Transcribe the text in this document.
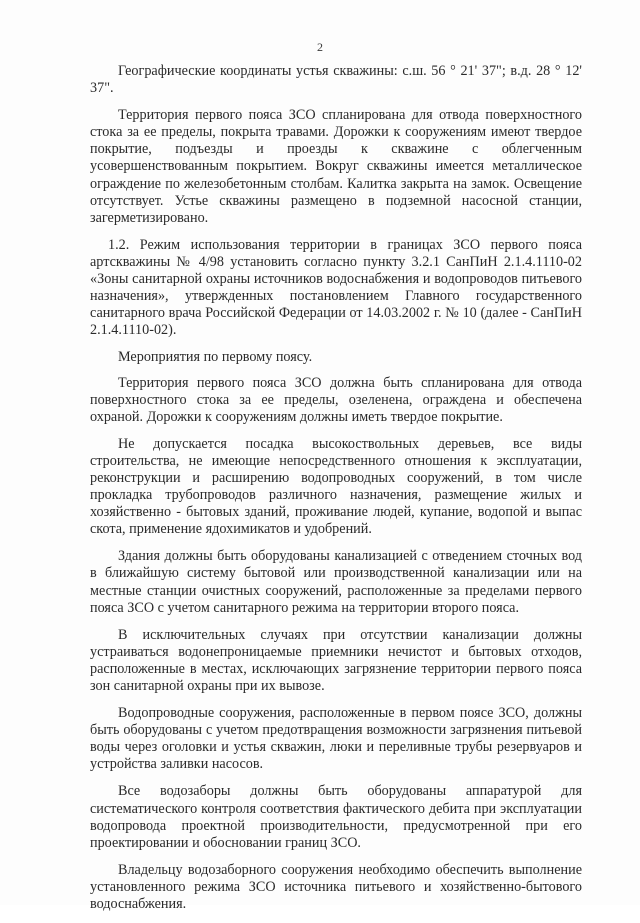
2

Географические координаты устья скважины: с.ш. 56 ° 21' 37"; в.д. 28 ° 12' 37".

Территория первого пояса ЗСО спланирована для отвода поверхностного стока за ее пределы, покрыта травами. Дорожки к сооружениям имеют твердое покрытие, подъезды и проезды к скважине с облегченным усовершенствованным покрытием. Вокруг скважины имеется металлическое ограждение по железобетонным столбам. Калитка закрыта на замок. Освещение отсутствует. Устье скважины размещено в подземной насосной станции, загерметизировано.

1.2. Режим использования территории в границах ЗСО первого пояса артскважины № 4/98 установить согласно пункту 3.2.1 СанПиН 2.1.4.1110-02 «Зоны санитарной охраны источников водоснабжения и водопроводов питьевого назначения», утвержденных постановлением Главного государственного санитарного врача Российской Федерации от 14.03.2002 г. № 10 (далее - СанПиН 2.1.4.1110-02).

Мероприятия по первому поясу.

Территория первого пояса ЗСО должна быть спланирована для отвода поверхностного стока за ее пределы, озеленена, ограждена и обеспечена охраной. Дорожки к сооружениям должны иметь твердое покрытие.

Не допускается посадка высокоствольных деревьев, все виды строительства, не имеющие непосредственного отношения к эксплуатации, реконструкции и расширению водопроводных сооружений, в том числе прокладка трубопроводов различного назначения, размещение жилых и хозяйственно - бытовых зданий, проживание людей, купание, водопой и выпас скота, применение ядохимикатов и удобрений.

Здания должны быть оборудованы канализацией с отведением сточных вод в ближайшую систему бытовой или производственной канализации или на местные станции очистных сооружений, расположенные за пределами первого пояса ЗСО с учетом санитарного режима на территории второго пояса.

В исключительных случаях при отсутствии канализации должны устраиваться водонепроницаемые приемники нечистот и бытовых отходов, расположенные в местах, исключающих загрязнение территории первого пояса зон санитарной охраны при их вывозе.

Водопроводные сооружения, расположенные в первом поясе ЗСО, должны быть оборудованы с учетом предотвращения возможности загрязнения питьевой воды через оголовки и устья скважин, люки и переливные трубы резервуаров и устройства заливки насосов.

Все водозаборы должны быть оборудованы аппаратурой для систематического контроля соответствия фактического дебита при эксплуатации водопровода проектной производительности, предусмотренной при его проектировании и обосновании границ ЗСО.

Владельцу водозаборного сооружения необходимо обеспечить выполнение установленного режима ЗСО источника питьевого и хозяйственно-бытового водоснабжения.
